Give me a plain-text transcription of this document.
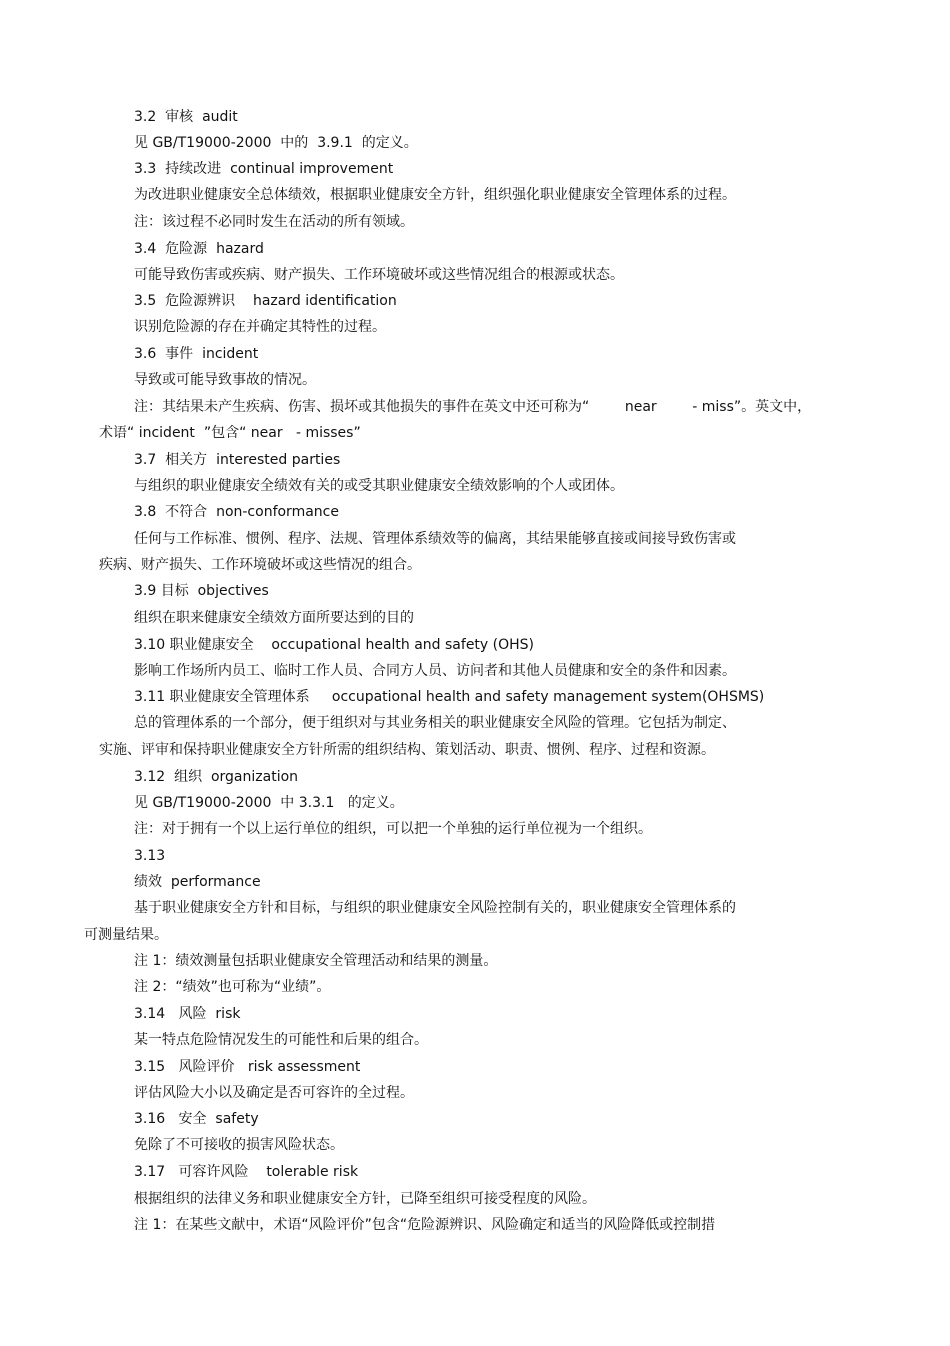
3.2  审核  audit
见 GB/T19000-2000  中的  3.9.1  的定义。
3.3  持续改进  continual improvement
为改进职业健康安全总体绩效，根据职业健康安全方针，组织强化职业健康安全管理体系的过程。
注：该过程不必同时发生在活动的所有领域。
3.4  危险源  hazard
可能导致伤害或疾病、财产损失、工作环境破坏或这些情况组合的根源或状态。
3.5  危险源辨识    hazard identification
识别危险源的存在并确定其特性的过程。
3.6  事件  incident
导致或可能导致事故的情况。
注：其结果未产生疾病、伤害、损坏或其他损失的事件在英文中还可称为“        near        - miss”。英文中，
术语“ incident  ”包含“ near   - misses”
3.7  相关方  interested parties
与组织的职业健康安全绩效有关的或受其职业健康安全绩效影响的个人或团体。
3.8  不符合  non-conformance
任何与工作标准、惯例、程序、法规、管理体系绩效等的偏离，其结果能够直接或间接导致伤害或
疾病、财产损失、工作环境破坏或这些情况的组合。
3.9 目标  objectives
组织在职来健康安全绩效方面所要达到的目的
3.10 职业健康安全    occupational health and safety (OHS)
影响工作场所内员工、临时工作人员、合同方人员、访问者和其他人员健康和安全的条件和因素。
3.11 职业健康安全管理体系     occupational health and safety management system(OHSMS)
总的管理体系的一个部分，便于组织对与其业务相关的职业健康安全风险的管理。它包括为制定、
实施、评审和保持职业健康安全方针所需的组织结构、策划活动、职责、惯例、程序、过程和资源。
3.12  组织  organization
见 GB/T19000-2000  中 3.3.1   的定义。
注：对于拥有一个以上运行单位的组织，可以把一个单独的运行单位视为一个组织。
3.13
绩效  performance
基于职业健康安全方针和目标，与组织的职业健康安全风险控制有关的，职业健康安全管理体系的
可测量结果。
注 1：绩效测量包括职业健康安全管理活动和结果的测量。
注 2：“绩效”也可称为“业绩”。
3.14   风险  risk
某一特点危险情况发生的可能性和后果的组合。
3.15   风险评价   risk assessment
评估风险大小以及确定是否可容许的全过程。
3.16   安全  safety
免除了不可接收的损害风险状态。
3.17   可容许风险    tolerable risk
根据组织的法律义务和职业健康安全方针，已降至组织可接受程度的风险。
注 1：在某些文献中，术语“风险评价”包含“危险源辨识、风险确定和适当的风险降低或控制措
